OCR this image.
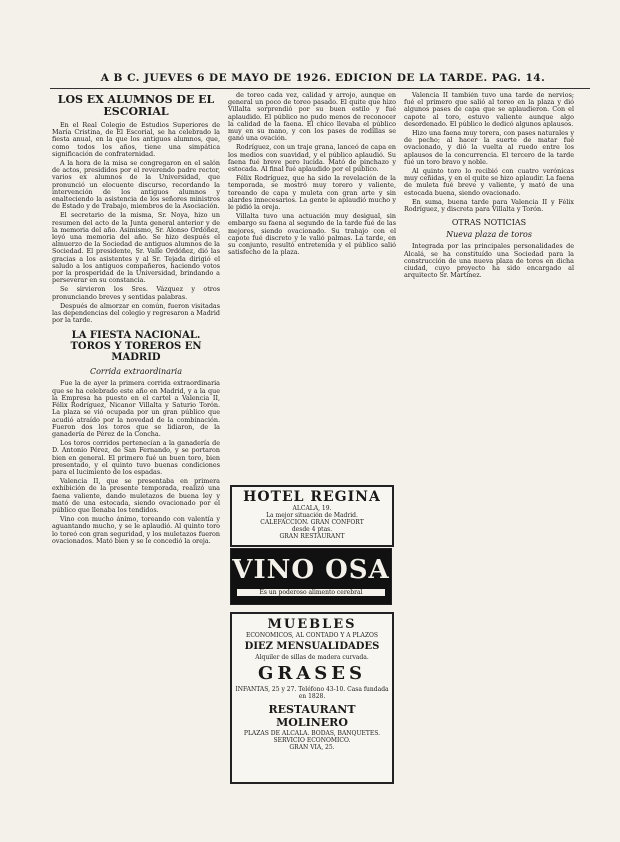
A B C. JUEVES 6 DE MAYO DE 1926. EDICION DE LA TARDE. PAG. 14.
LOS EX ALUMNOS DE EL ESCORIAL

En el Real Colegio de Estudios Superiores de María Cristina, de El Escorial, se ha celebrado la fiesta anual, en la que los antiguos alumnos, que, como todos los años, tiene una simpática significación de confraternidad.

A la hora de la misa se congregaron en el salón de actos, presididos por el reverendo padre rector, varios ex alumnos de la Universidad, que pronunció un elocuente discurso, recordando la intervención de los antiguos alumnos y enalteciendo la asistencia de los señores ministros de Estado y de Trabajo, miembros de la Asociación.

El secretario de la misma, Sr. Noya, hizo un resumen del acto de la Junta general anterior y de la memoria del año. Asimismo, Sr. Alonso Ordóñez, leyó una memoria del año. Se hizo después el almuerzo de la Sociedad de antiguos alumnos de la Sociedad. El presidente, Sr. Valle Ordóñez, dió las gracias a los asistentes y al Sr. Tejada dirigió el saludo a los antiguos compañeros, haciendo votos por la prosperidad de la Universidad, brindando a perseverar en su constancia.

Se sirvieron los Sres. Vázquez y otros pronunciando breves y sentidas palabras.

Después de almorzar en común, fueron visitadas las dependencias del colegio y regresaron a Madrid por la tarde.

LA FIESTA NACIONAL. TOROS Y TOREROS EN MADRID
Corrida extraordinaria

Fue la de ayer la primera corrida extraordinaria que se ha celebrado este año en Madrid, y a la que la Empresa ha puesto en el cartel a Valencia II, Félix Rodríguez, Nicanor Villalta y Saturio Torón. La plaza se vió ocupada por un gran público que acudió atraído por la novedad de la combinación. Fueron dos los toros que se lidiaron, de la ganadería de Pérez de la Concha.

Los toros corridos pertenecían a la ganadería de D. Antonio Pérez, de San Fernando, y se portaron bien en general. El primero fué un buen toro, bien presentado, y el quinto tuvo buenas condiciones para el lucimiento de los espadas.

Valencia II, que se presentaba en primera exhibición de la presente temporada, realizó una faena valiente, dando muletazos de buena ley y mató de una estocada, siendo ovacionado por el público que llenaba los tendidos.

Vino con mucho ánimo, toreando con valentía y aguantando mucho, y se le aplaudió. Al quinto toro lo toreó con gran seguridad, y los muletazos fueron ovacionados. Mató bien y se le concedió la oreja.

de toreo cada vez, calidad y arrojo, aunque en general un poco de toreo pasado. El quite que hizo Villalta sorprendió por su buen estilo y fué aplaudido. El público no pudo menos de reconocer la calidad de la faena. El chico llevaba el público muy en su mano, y con los pases de rodillas se ganó una ovación.

Rodríguez, con un traje grana, lanceó de capa en los medios con suavidad, y el público aplaudió. Su faena fué breve pero lucida. Mató de pinchazo y estocada. Al final fué aplaudido por el público.

Félix Rodríguez, que ha sido la revelación de la temporada, se mostró muy torero y valiente, toreando de capa y muleta con gran arte y sin alardes innecesarios. La gente le aplaudió mucho y le pidió la oreja.

Villalta tuvo una actuación muy desigual, sin embargo su faena al segundo de la tarde fué de las mejores, siendo ovacionado. Su trabajo con el capote fué discreto y le valió palmas. La tarde, en su conjunto, resultó entretenida y el público salió satisfecho de la plaza.

HOTEL REGINA
ALCALA, 19.
La mejor situación de Madrid.
CALEFACCION. GRAN CONFORT
desde 4 ptas.
GRAN RESTAURANT
VINO OSA
Es un poderoso alimento cerebral
MUEBLES
ECONOMICOS, AL CONTADO Y A PLAZOS
DIEZ MENSUALIDADES
Alquiler de sillas de madera curvada.
GRASES
INFANTAS, 25 y 27. Teléfono 43-10. Casa fundada en 1828.
RESTAURANT MOLINERO
PLAZAS DE ALCALA. BODAS, BANQUETES. SERVICIO ECONOMICO.
GRAN VIA, 25.

Valencia II también tuvo una tarde de nervios; fué el primero que salió al toreo en la plaza y dió algunos pases de capa que se aplaudieron. Con el capote al toro, estuvo valiente aunque algo desordenado. El público le dedicó algunos aplausos.

Hizo una faena muy torera, con pases naturales y de pecho; al hacer la suerte de matar fué ovacionado, y dió la vuelta al ruedo entre los aplausos de la concurrencia. El tercero de la tarde fué un toro bravo y noble.

Al quinto toro lo recibió con cuatro verónicas muy ceñidas, y en el quite se hizo aplaudir. La faena de muleta fué breve y valiente, y mató de una estocada buena, siendo ovacionado.

En suma, buena tarde para Valencia II y Félix Rodríguez, y discreta para Villalta y Torón.

OTRAS NOTICIAS
Nueva plaza de toros

Integrada por las principales personalidades de Alcalá, se ha constituído una Sociedad para la construcción de una nueva plaza de toros en dicha ciudad, cuyo proyecto ha sido encargado al arquitecto Sr. Martínez.
